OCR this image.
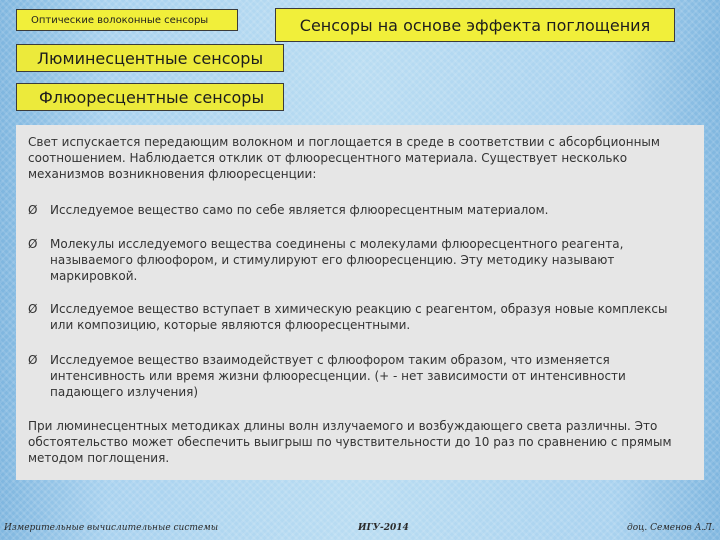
Оптические волоконные сенсоры	Сенсоры на основе эффекта поглощения
Люминесцентные сенсоры
Флюоресцентные сенсоры
Свет испускается передающим волокном и поглощается в среде в соответствии с абсорбционным соотношением. Наблюдается отклик от флюоресцентного материала. Существует несколько механизмов возникновения флюоресценции:
Ø	Исследуемое вещество само по себе является флюоресцентным материалом.
Ø	Молекулы исследуемого вещества соединены с молекулами флюоресцентного реагента, называемого флюофором, и стимулируют его флюоресценцию. Эту методику называют маркировкой.
Ø	Исследуемое вещество вступает в химическую реакцию с реагентом, образуя новые комплексы или композицию, которые являются флюоресцентными.
Ø	Исследуемое вещество взаимодействует с флюофором таким образом, что изменяется интенсивность или время жизни флюоресценции. (+ - нет зависимости от интенсивности падающего излучения)
При люминесцентных методиках длины волн излучаемого и возбуждающего света различны. Это обстоятельство может обеспечить выигрыш по чувствительности до 10 раз по сравнению с прямым методом поглощения.
Измерительные вычислительные системы	ИГУ-2014	доц. Семенов А.Л.
